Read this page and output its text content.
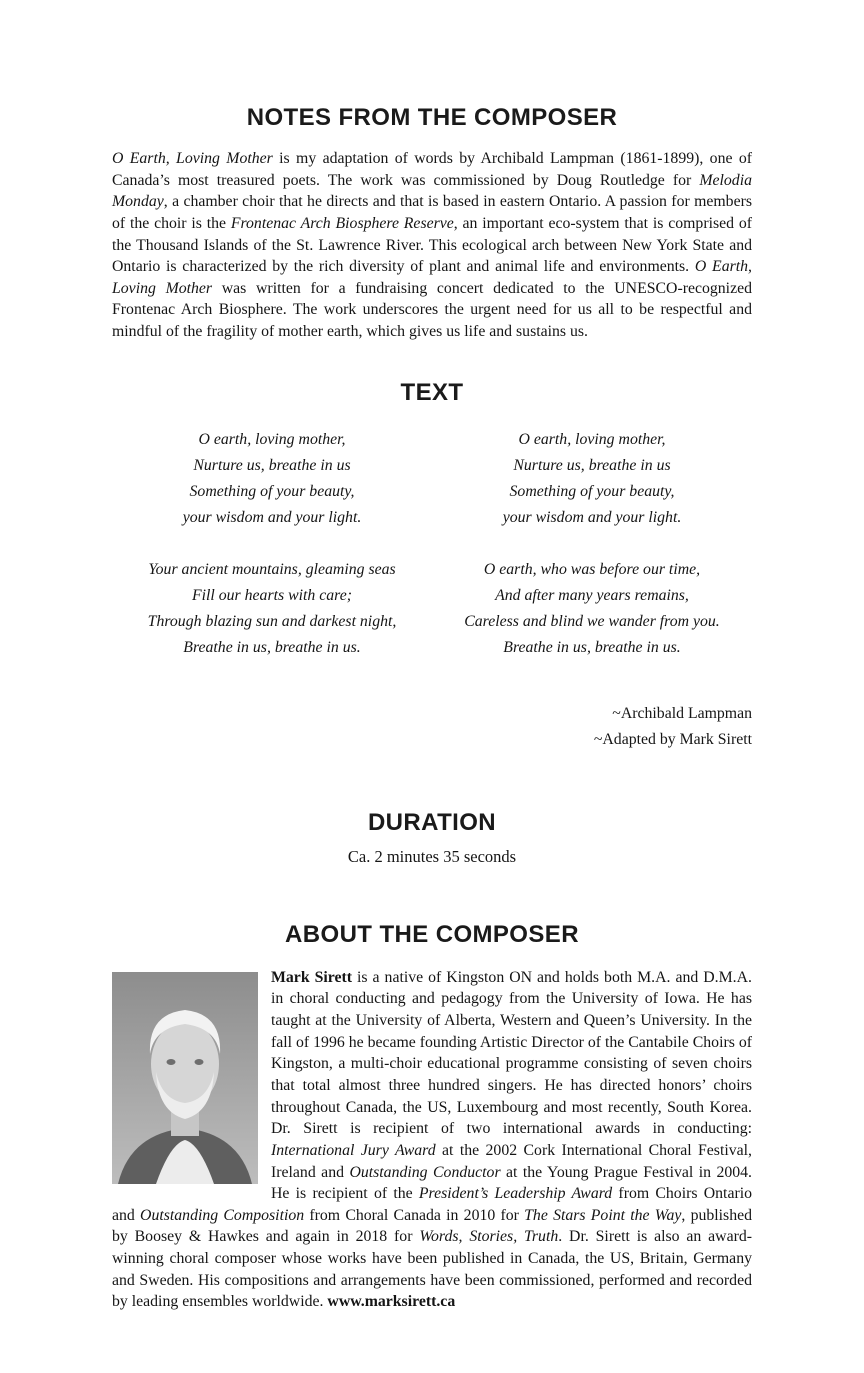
NOTES FROM THE COMPOSER

O Earth, Loving Mother is my adaptation of words by Archibald Lampman (1861-1899), one of Canada’s most treasured poets. The work was commissioned by Doug Routledge for Melodia Monday, a chamber choir that he directs and that is based in eastern Ontario. A passion for members of the choir is the Frontenac Arch Biosphere Reserve, an important eco-system that is comprised of the Thousand Islands of the St. Lawrence River. This ecological arch between New York State and Ontario is characterized by the rich diversity of plant and animal life and environments. O Earth, Loving Mother was written for a fundraising concert dedicated to the UNESCO-recognized Frontenac Arch Biosphere. The work underscores the urgent need for us all to be respectful and mindful of the fragility of mother earth, which gives us life and sustains us.

TEXT
O earth, loving mother,
Nurture us, breathe in us
Something of your beauty,
your wisdom and your light.
Your ancient mountains, gleaming seas
Fill our hearts with care;
Through blazing sun and darkest night,
Breathe in us, breathe in us.
O earth, loving mother,
Nurture us, breathe in us
Something of your beauty,
your wisdom and your light.
O earth, who was before our time,
And after many years remains,
Careless and blind we wander from you.
Breathe in us, breathe in us.
~Archibald Lampman
~Adapted by Mark Sirett
DURATION

Ca. 2 minutes 35 seconds

ABOUT THE COMPOSER

Mark Sirett is a native of Kingston ON and holds both M.A. and D.M.A. in choral conducting and pedagogy from the University of Iowa. He has taught at the University of Alberta, Western and Queen’s University. In the fall of 1996 he became founding Artistic Director of the Cantabile Choirs of Kingston, a multi-choir educational programme consisting of seven choirs that total almost three hundred singers. He has directed honors’ choirs throughout Canada, the US, Luxembourg and most recently, South Korea. Dr. Sirett is recipient of two international awards in conducting: International Jury Award at the 2002 Cork International Choral Festival, Ireland and Outstanding Conductor at the Young Prague Festival in 2004. He is recipient of the President’s Leadership Award from Choirs Ontario and Outstanding Composition from Choral Canada in 2010 for The Stars Point the Way, published by Boosey & Hawkes and again in 2018 for Words, Stories, Truth. Dr. Sirett is also an award-winning choral composer whose works have been published in Canada, the US, Britain, Germany and Sweden. His compositions and arrangements have been commissioned, performed and recorded by leading ensembles worldwide. www.marksirett.ca
